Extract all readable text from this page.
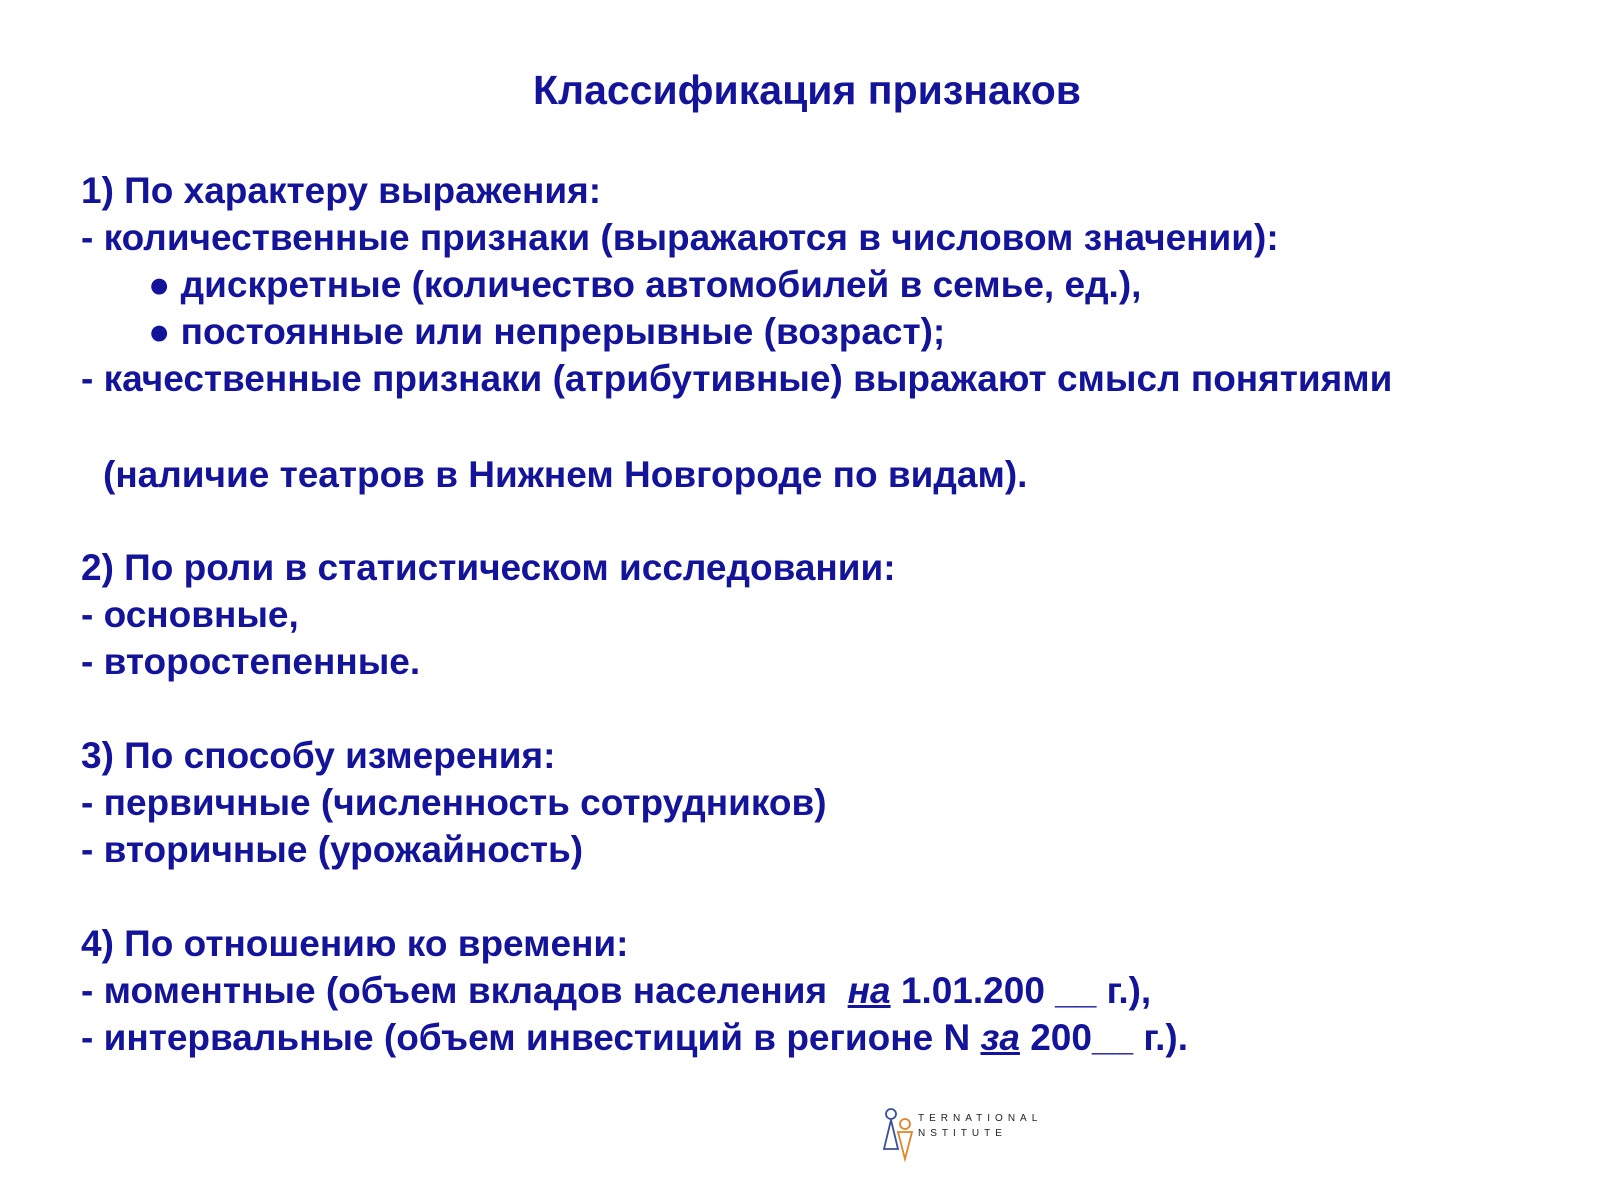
Классификация признаков
1) По характеру выражения:
- количественные признаки (выражаются в числовом значении):
● дискретные (количество автомобилей в семье, ед.),
● постоянные или непрерывные (возраст);
- качественные признаки (атрибутивные) выражают смысл понятиями
(наличие театров в Нижнем Новгороде по видам).
2) По роли в статистическом исследовании:
- основные,
- второстепенные.
3) По способу измерения:
- первичные (численность сотрудников)
- вторичные (урожайность)
4) По отношению ко времени:
- моментные (объем вкладов населения  на 1.01.200 __ г.),
- интервальные (объем инвестиций в регионе N за 200__ г.).
TERNATIONAL
NSTITUTE
